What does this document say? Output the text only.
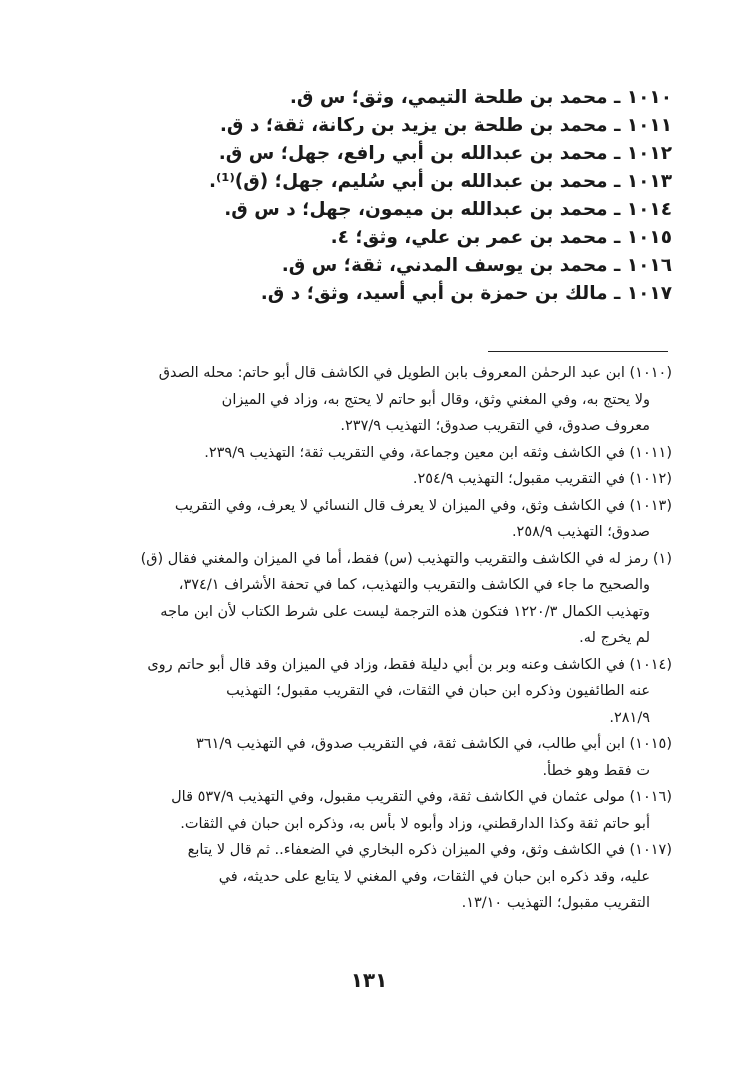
١٠١٠ ـ محمد بن طلحة التيمي، وثق؛ س ق.
١٠١١ ـ محمد بن طلحة بن يزيد بن ركانة، ثقة؛ د ق.
١٠١٢ ـ محمد بن عبدالله بن أبي رافع، جهل؛ س ق.
١٠١٣ ـ محمد بن عبدالله بن أبي سُليم، جهل؛ (ق)⁽¹⁾.
١٠١٤ ـ محمد بن عبدالله بن ميمون، جهل؛ د س ق.
١٠١٥ ـ محمد بن عمر بن علي، وثق؛ ٤.
١٠١٦ ـ محمد بن يوسف المدني، ثقة؛ س ق.
١٠١٧ ـ مالك بن حمزة بن أبي أسيد، وثق؛ د ق.

(١٠١٠) ابن عبد الرحمٰن المعروف بابن الطويل في الكاشف قال أبو حاتم: محله الصدق
ولا يحتج به، وفي المغني وثق، وقال أبو حاتم لا يحتج به، وزاد في الميزان
معروف صدوق، في التقريب صدوق؛ التهذيب ٢٣٧/٩.

(١٠١١) في الكاشف وثقه ابن معين وجماعة، وفي التقريب ثقة؛ التهذيب ٢٣٩/٩.

(١٠١٢) في التقريب مقبول؛ التهذيب ٢٥٤/٩.

(١٠١٣) في الكاشف وثق، وفي الميزان لا يعرف قال النسائي لا يعرف، وفي التقريب
صدوق؛ التهذيب ٢٥٨/٩.

(١) رمز له في الكاشف والتقريب والتهذيب (س) فقط، أما في الميزان والمغني فقال (ق)
والصحيح ما جاء في الكاشف والتقريب والتهذيب، كما في تحفة الأشراف ٣٧٤/١،
وتهذيب الكمال ١٢٢٠/٣ فتكون هذه الترجمة ليست على شرط الكتاب لأن ابن ماجه
لم يخرج له.

(١٠١٤) في الكاشف وعنه وبر بن أبي دليلة فقط، وزاد في الميزان وقد قال أبو حاتم روى
عنه الطائفيون وذكره ابن حبان في الثقات، في التقريب مقبول؛ التهذيب
٢٨١/٩.

(١٠١٥) ابن أبي طالب، في الكاشف ثقة، في التقريب صدوق، في التهذيب ٣٦١/٩
ت فقط وهو خطأ.

(١٠١٦) مولى عثمان في الكاشف ثقة، وفي التقريب مقبول، وفي التهذيب ٥٣٧/٩ قال
أبو حاتم ثقة وكذا الدارقطني، وزاد وأبوه لا بأس به، وذكره ابن حبان في الثقات.

(١٠١٧) في الكاشف وثق، وفي الميزان ذكره البخاري في الضعفاء.. ثم قال لا يتابع
عليه، وقد ذكره ابن حبان في الثقات، وفي المغني لا يتابع على حديثه، في
التقريب مقبول؛ التهذيب ١٣/١٠.

١٣١
